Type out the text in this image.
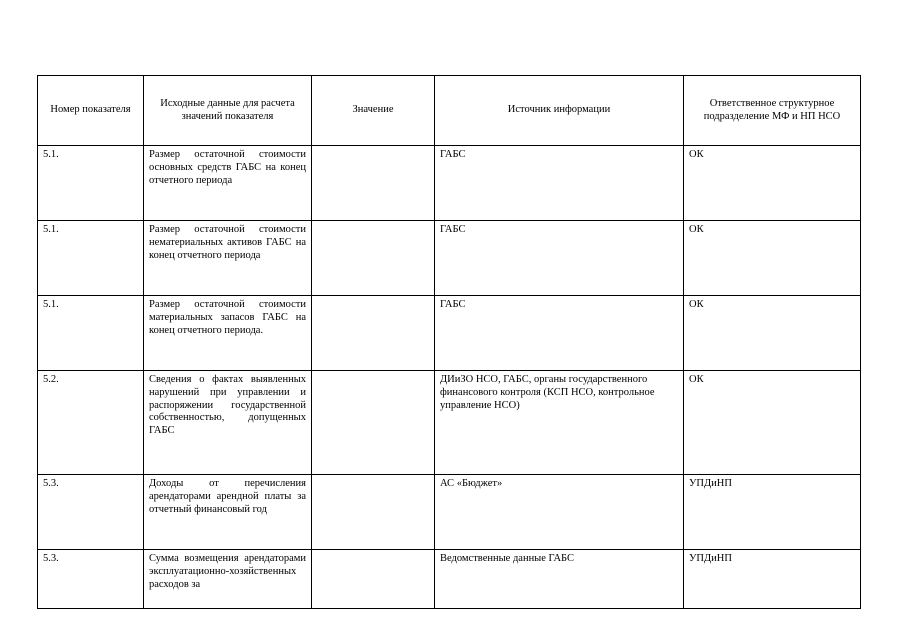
Номер показателя	Исходные данные для расчета значений показателя	Значение	Источник информации	Ответственное структурное подразделение МФ и НП НСО
5.1.	Размер остаточной стоимости основных средств ГАБС на конец отчетного периода		ГАБС	ОК
5.1.	Размер остаточной стоимости нематериальных активов ГАБС на конец отчетного периода		ГАБС	ОК
5.1.	Размер остаточной стоимости материальных запасов ГАБС на конец отчетного периода.		ГАБС	ОК
5.2.	Сведения о фактах выявленных нарушений при управлении и распоряжении государственной собственностью, допущенных ГАБС		ДИиЗО НСО, ГАБС, органы государственного финансового контроля (КСП НСО, контрольное управление НСО)	ОК
5.3.	Доходы от перечисления арендаторами арендной платы за отчетный финансовый год		АС «Бюджет»	УПДиНП
5.3.	Сумма возмещения арендаторами эксплуатационно-хозяйственных расходов за		Ведомственные данные ГАБС	УПДиНП
